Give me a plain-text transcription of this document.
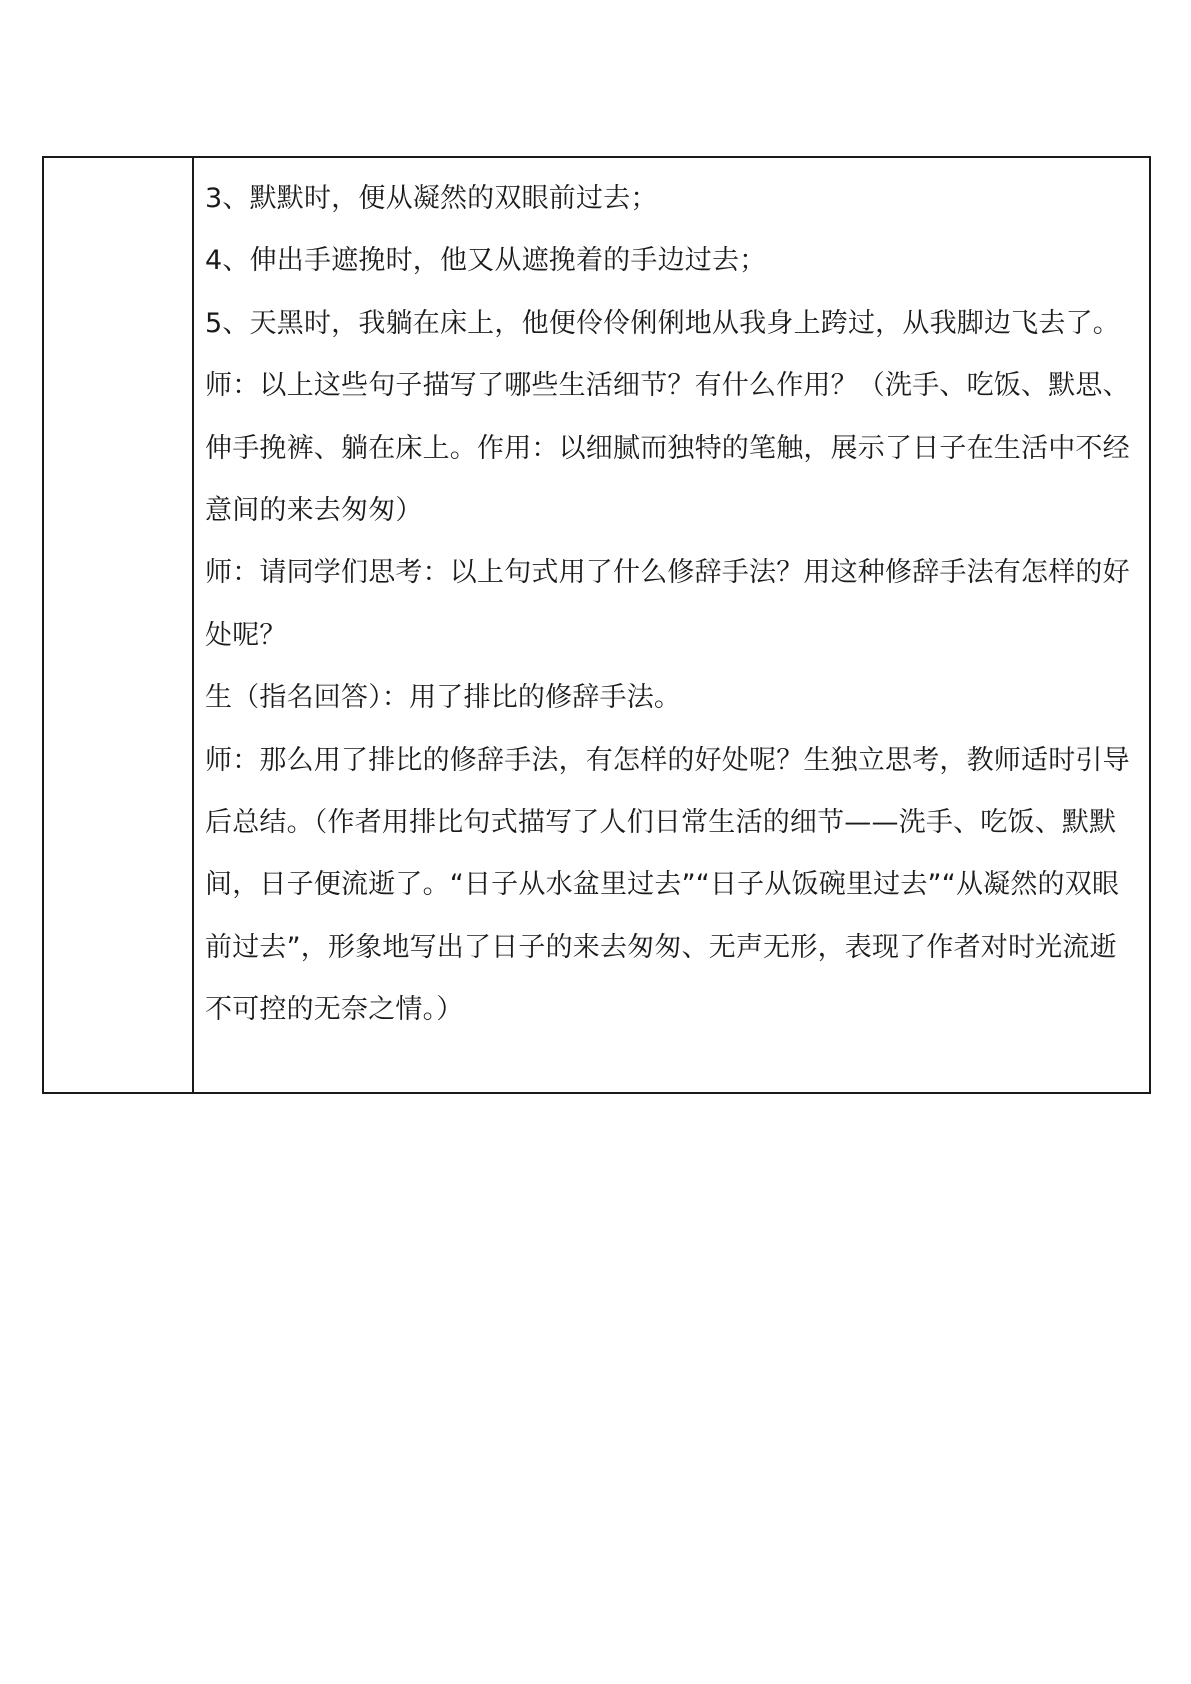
3、默默时，便从凝然的双眼前过去；

4、伸出手遮挽时，他又从遮挽着的手边过去；

5、天黑时，我躺在床上，他便伶伶俐俐地从我身上跨过，从我脚边飞去了。

师：以上这些句子描写了哪些生活细节？有什么作用？（洗手、吃饭、默思、伸手挽裤、躺在床上。作用：以细腻而独特的笔触，展示了日子在生活中不经意间的来去匆匆）

师：请同学们思考：以上句式用了什么修辞手法？用这种修辞手法有怎样的好处呢？

生（指名回答）：用了排比的修辞手法。

师：那么用了排比的修辞手法，有怎样的好处呢？生独立思考，教师适时引导后总结。（作者用排比句式描写了人们日常生活的细节——洗手、吃饭、默默间，日子便流逝了。“日子从水盆里过去”“日子从饭碗里过去”“从凝然的双眼前过去”，形象地写出了日子的来去匆匆、无声无形，表现了作者对时光流逝不可控的无奈之情。）
